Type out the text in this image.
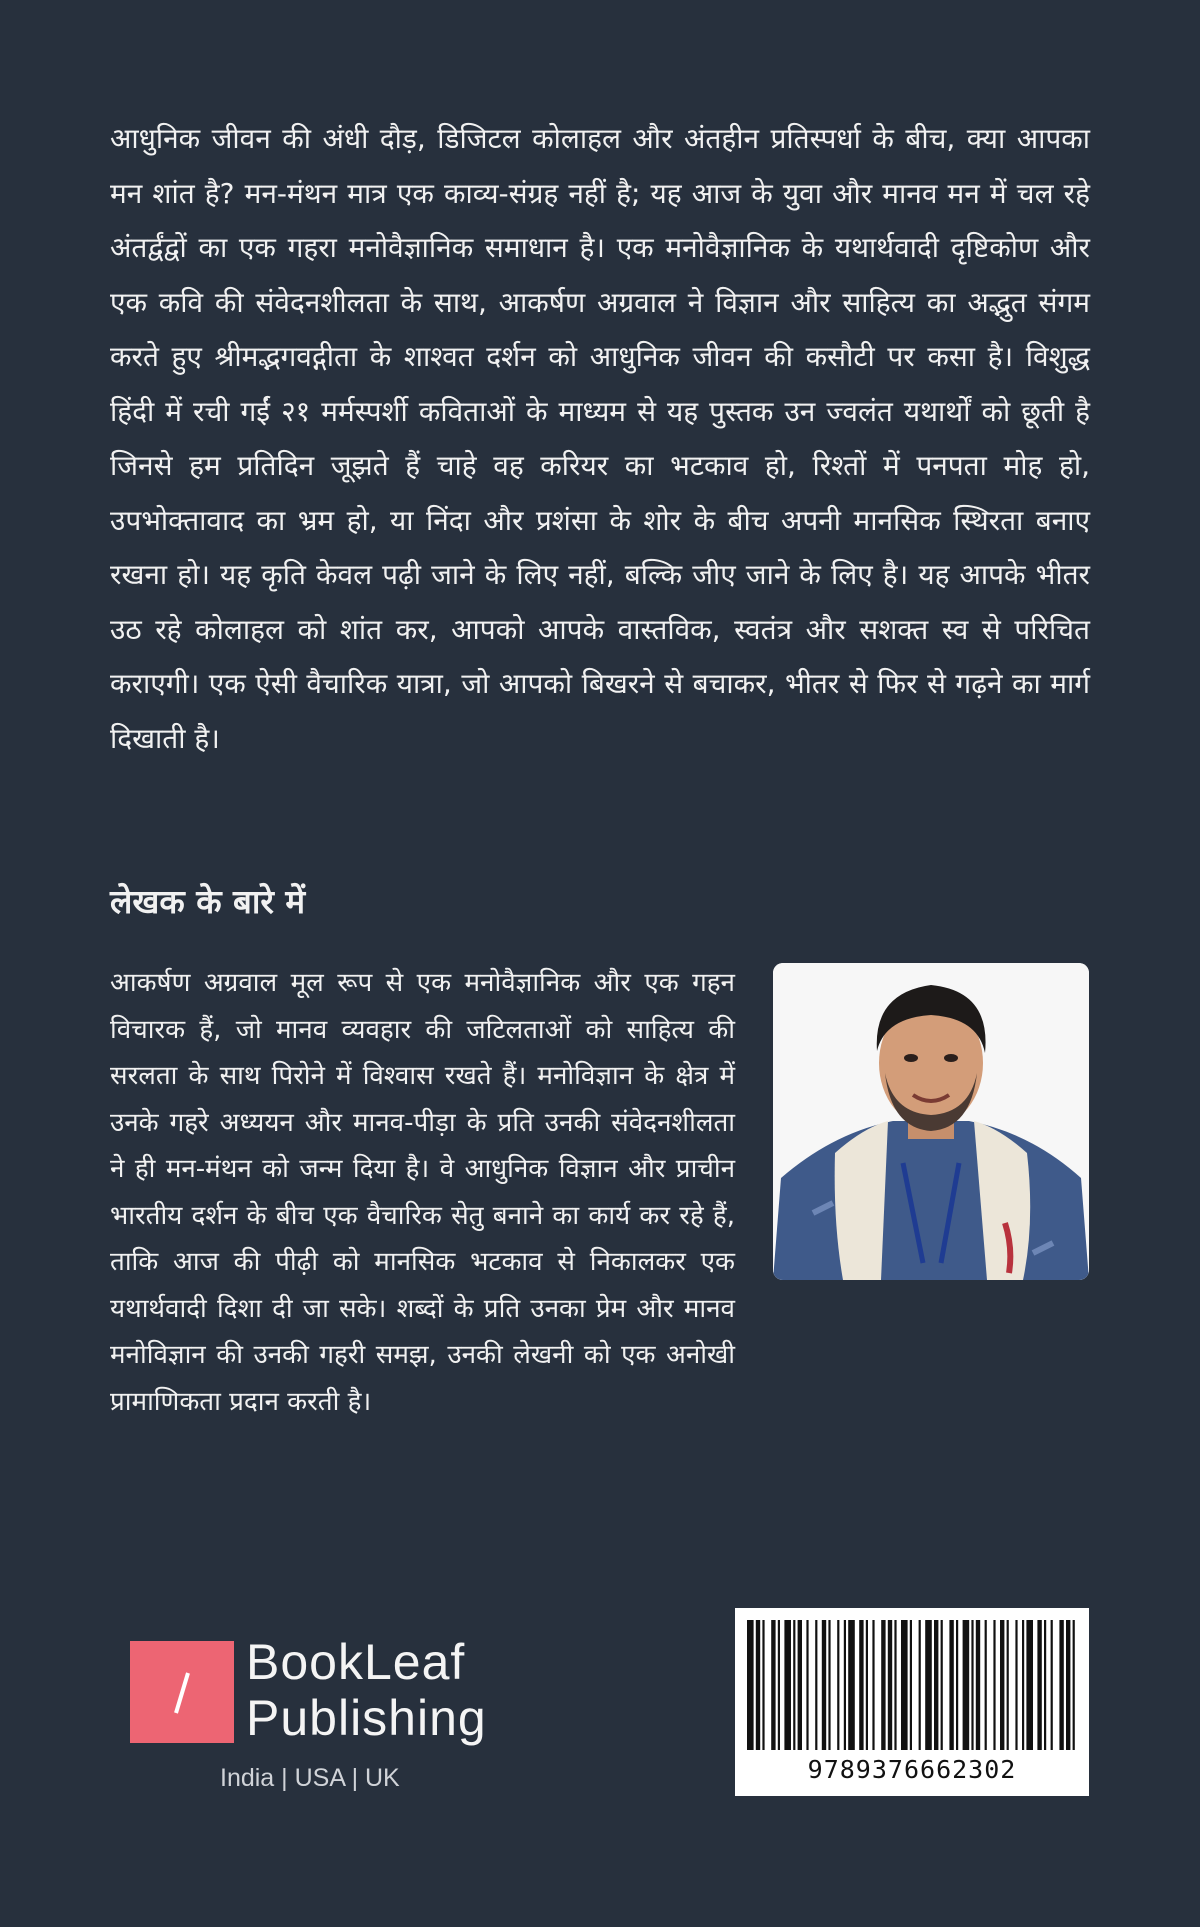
आधुनिक जीवन की अंधी दौड़, डिजिटल कोलाहल और अंतहीन प्रतिस्पर्धा के बीच, क्या आपका मन शांत है? मन-मंथन मात्र एक काव्य-संग्रह नहीं है; यह आज के युवा और मानव मन में चल रहे अंतर्द्वंद्वों का एक गहरा मनोवैज्ञानिक समाधान है। एक मनोवैज्ञानिक के यथार्थवादी दृष्टिकोण और एक कवि की संवेदनशीलता के साथ, आकर्षण अग्रवाल ने विज्ञान और साहित्य का अद्भुत संगम करते हुए श्रीमद्भगवद्गीता के शाश्वत दर्शन को आधुनिक जीवन की कसौटी पर कसा है। विशुद्ध हिंदी में रची गईं २१ मर्मस्पर्शी कविताओं के माध्यम से यह पुस्तक उन ज्वलंत यथार्थों को छूती है जिनसे हम प्रतिदिन जूझते हैं चाहे वह करियर का भटकाव हो, रिश्तों में पनपता मोह हो, उपभोक्तावाद का भ्रम हो, या निंदा और प्रशंसा के शोर के बीच अपनी मानसिक स्थिरता बनाए रखना हो। यह कृति केवल पढ़ी जाने के लिए नहीं, बल्कि जीए जाने के लिए है। यह आपके भीतर उठ रहे कोलाहल को शांत कर, आपको आपके वास्तविक, स्वतंत्र और सशक्त स्व से परिचित कराएगी। एक ऐसी वैचारिक यात्रा, जो आपको बिखरने से बचाकर, भीतर से फिर से गढ़ने का मार्ग दिखाती है।

लेखक के बारे में

आकर्षण अग्रवाल मूल रूप से एक मनोवैज्ञानिक और एक गहन विचारक हैं, जो मानव व्यवहार की जटिलताओं को साहित्य की सरलता के साथ पिरोने में विश्वास रखते हैं। मनोविज्ञान के क्षेत्र में उनके गहरे अध्ययन और मानव-पीड़ा के प्रति उनकी संवेदनशीलता ने ही मन-मंथन को जन्म दिया है। वे आधुनिक विज्ञान और प्राचीन भारतीय दर्शन के बीच एक वैचारिक सेतु बनाने का कार्य कर रहे हैं, ताकि आज की पीढ़ी को मानसिक भटकाव से निकालकर एक यथार्थवादी दिशा दी जा सके। शब्दों के प्रति उनका प्रेम और मानव मनोविज्ञान की उनकी गहरी समझ, उनकी लेखनी को एक अनोखी प्रामाणिकता प्रदान करती है।

BookLeaf
Publishing
India | USA | UK	9789376662302
